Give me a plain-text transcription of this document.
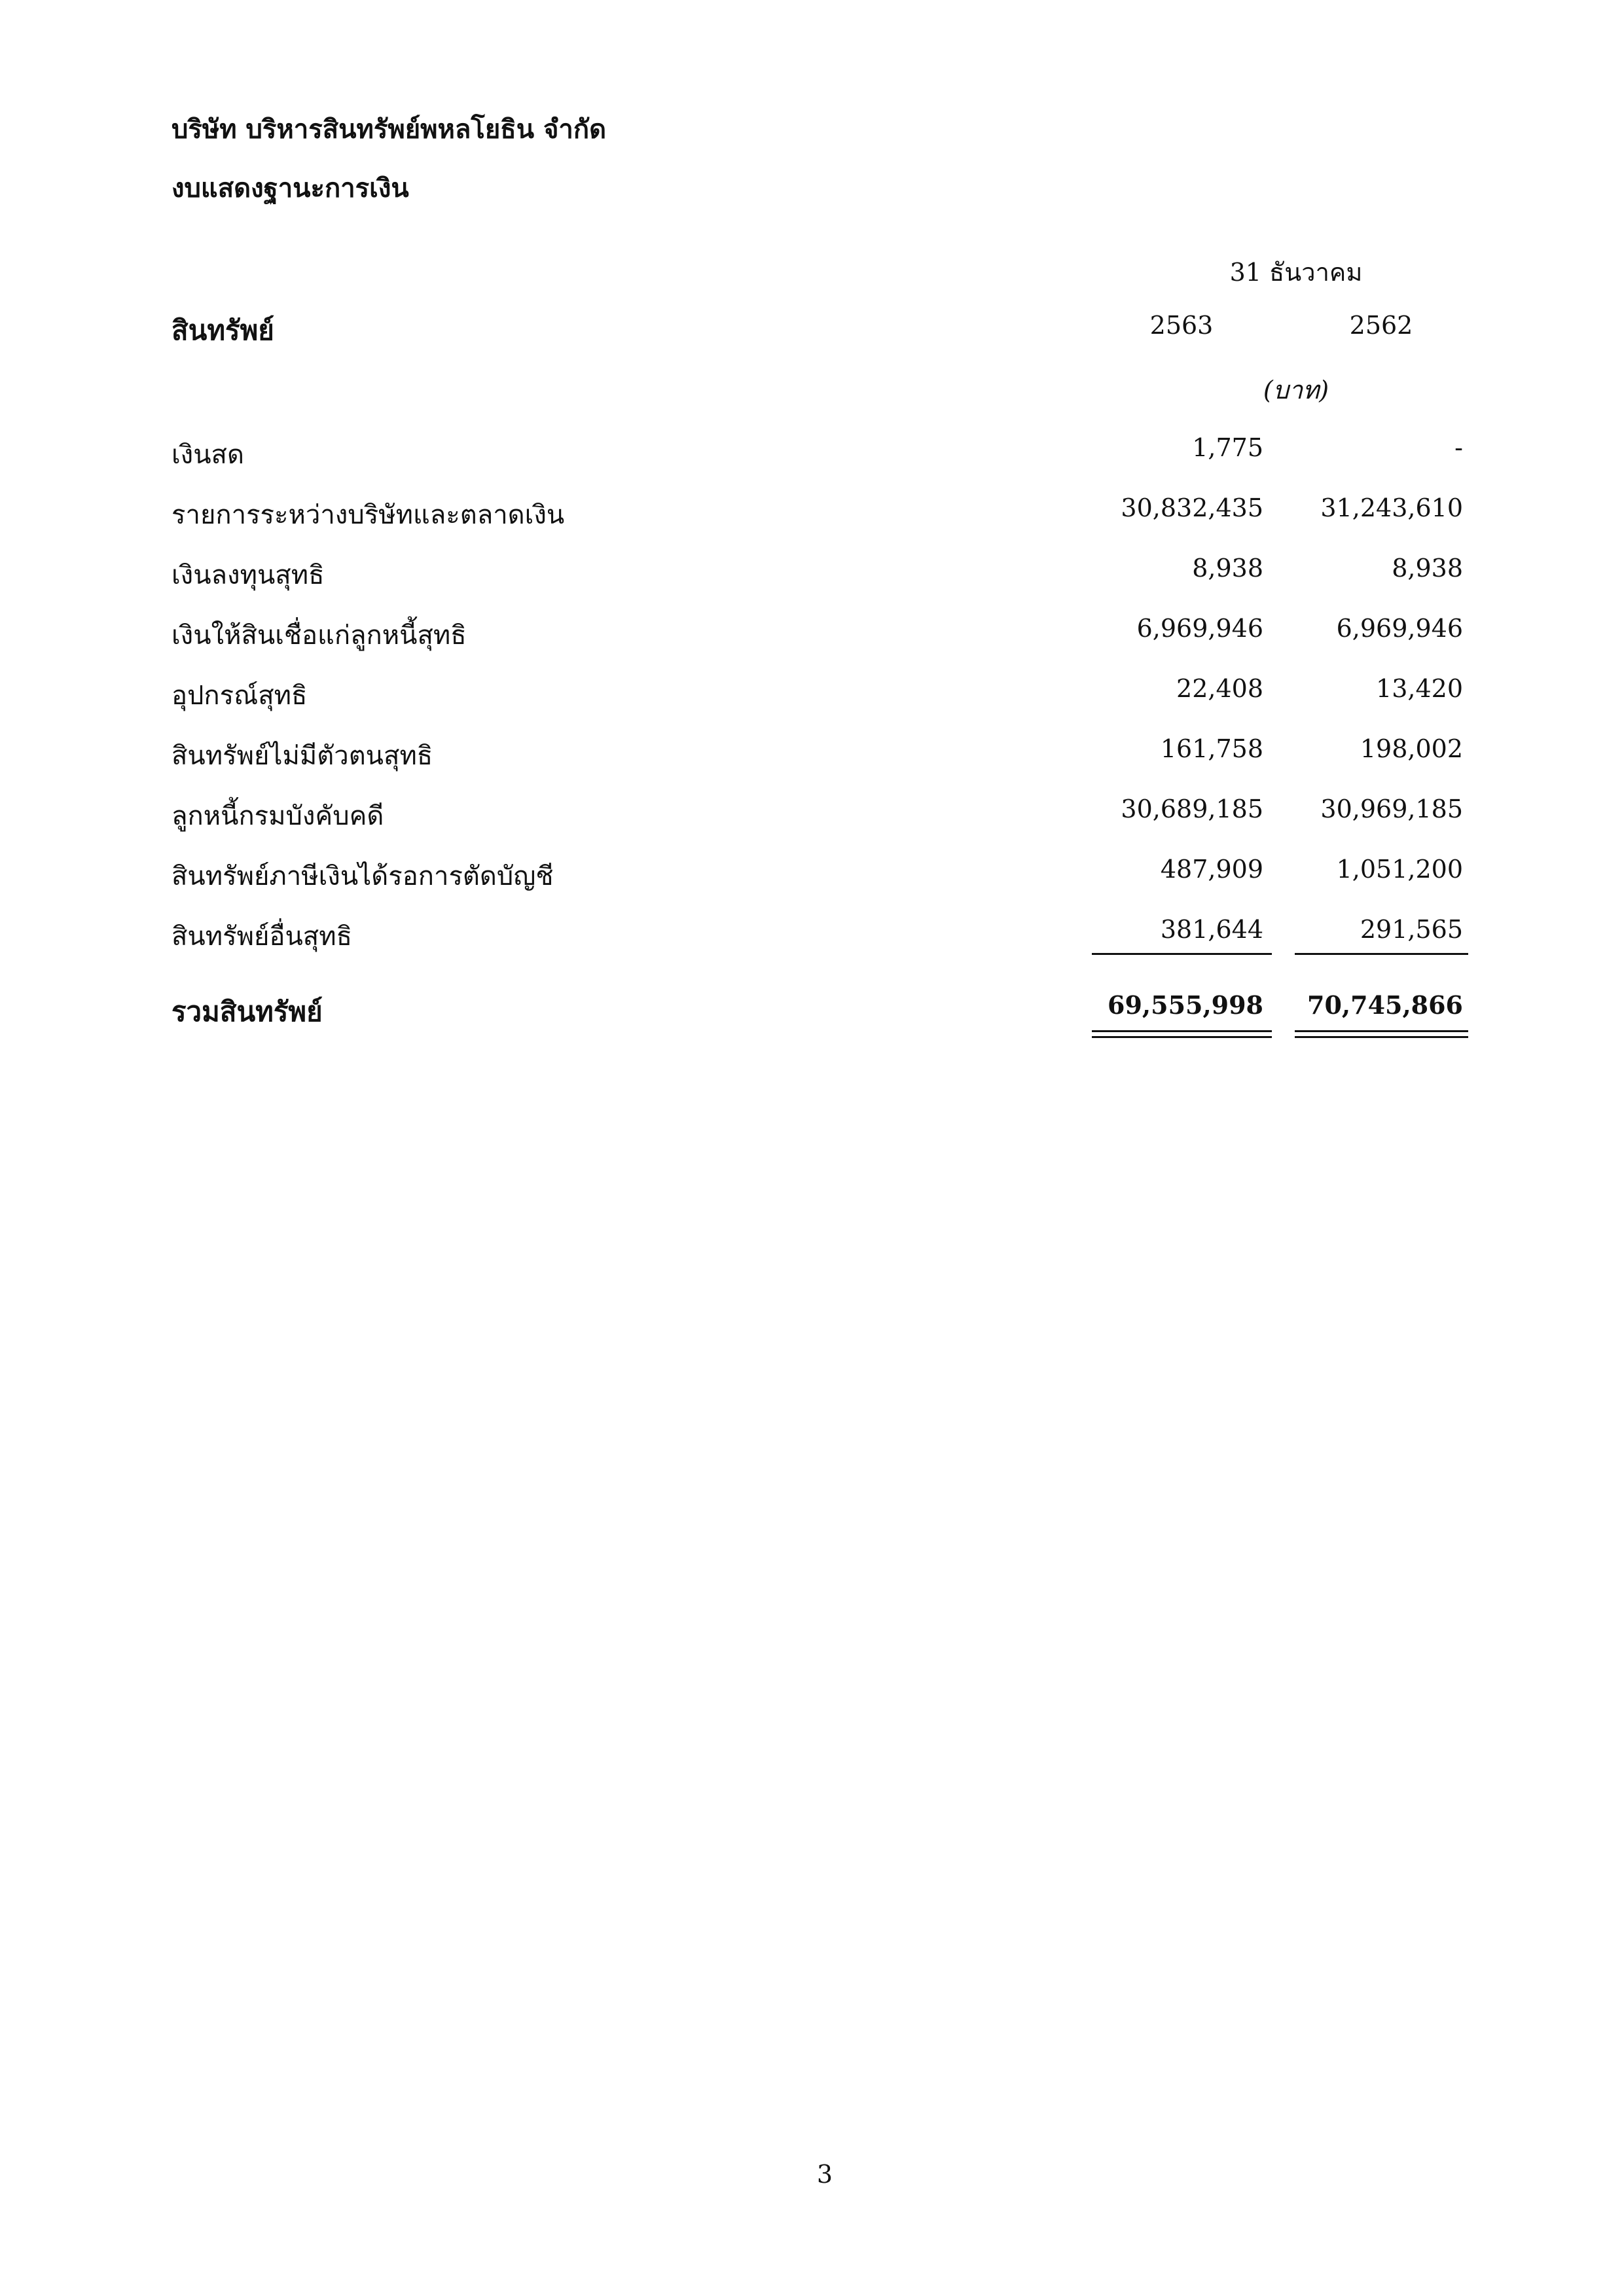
บริษัท บริหารสินทรัพย์พหลโยธิน จำกัด
งบแสดงฐานะการเงิน
31 ธันวาคม
สินทรัพย์	2563	2562
(บาท)
เงินสด	1,775	-
รายการระหว่างบริษัทและตลาดเงิน	30,832,435	31,243,610
เงินลงทุนสุทธิ	8,938	8,938
เงินให้สินเชื่อแก่ลูกหนี้สุทธิ	6,969,946	6,969,946
อุปกรณ์สุทธิ	22,408	13,420
สินทรัพย์ไม่มีตัวตนสุทธิ	161,758	198,002
ลูกหนี้กรมบังคับคดี	30,689,185	30,969,185
สินทรัพย์ภาษีเงินได้รอการตัดบัญชี	487,909	1,051,200
สินทรัพย์อื่นสุทธิ	381,644	291,565
รวมสินทรัพย์	69,555,998	70,745,866
3
